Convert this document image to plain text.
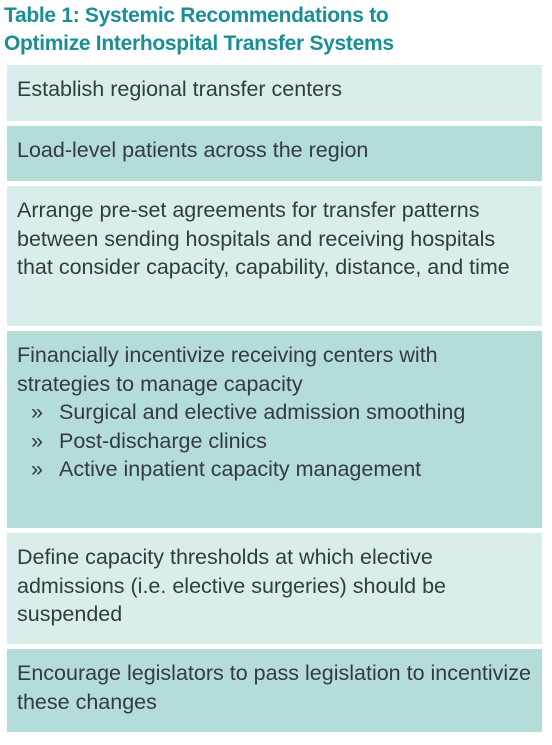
Table 1: Systemic Recommendations to
Optimize Interhospital Transfer Systems
Establish regional transfer centers
Load-level patients across the region
Arrange pre-set agreements for transfer patterns between sending hospitals and receiving hospitals that consider capacity, capability, distance, and time
Financially incentivize receiving centers with strategies to manage capacity
» Surgical and elective admission smoothing
» Post-discharge clinics
» Active inpatient capacity management
Define capacity thresholds at which elective admissions (i.e. elective surgeries) should be suspended
Encourage legislators to pass legislation to incentivize these changes
